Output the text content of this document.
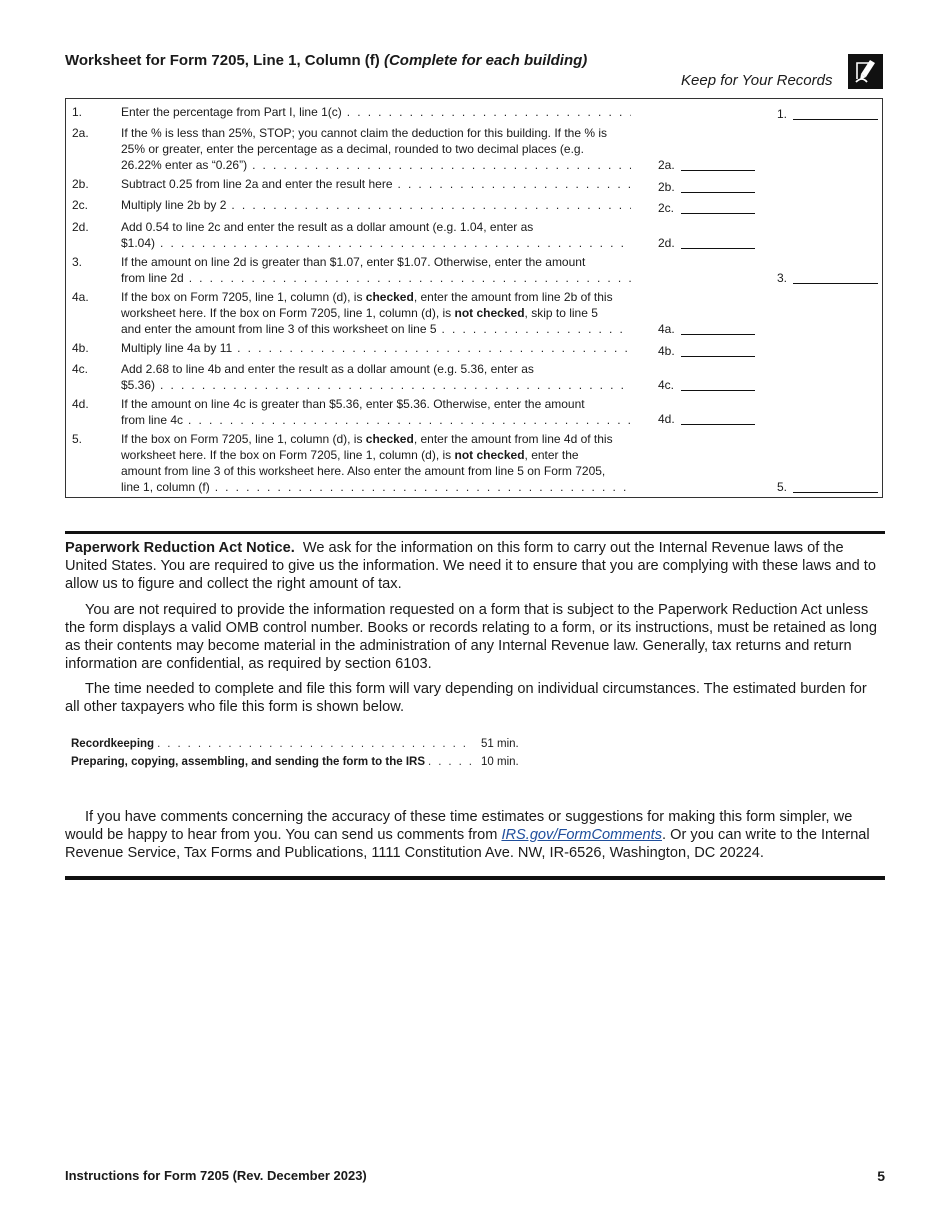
Worksheet for Form 7205, Line 1, Column (f) (Complete for each building)
Keep for Your Records
1.	Enter the percentage from Part I, line 1(c) . . .	1.
2a.	If the % is less than 25%, STOP; you cannot claim the deduction for this building. If the % is
25% or greater, enter the percentage as a decimal, rounded to two decimal places (e.g.
26.22% enter as “0.26”) . . .	2a.
2b.	Subtract 0.25 from line 2a and enter the result here . . .	2b.
2c.	Multiply line 2b by 2 . . .	2c.
2d.	Add 0.54 to line 2c and enter the result as a dollar amount (e.g. 1.04, enter as
$1.04) . . .	2d.
3.	If the amount on line 2d is greater than $1.07, enter $1.07. Otherwise, enter the amount
from line 2d . . .	3.
4a.	If the box on Form 7205, line 1, column (d), is checked, enter the amount from line 2b of this
worksheet here. If the box on Form 7205, line 1, column (d), is not checked, skip to line 5
and enter the amount from line 3 of this worksheet on line 5 . . .	4a.
4b.	Multiply line 4a by 11 . . .	4b.
4c.	Add 2.68 to line 4b and enter the result as a dollar amount (e.g. 5.36, enter as
$5.36) . . .	4c.
4d.	If the amount on line 4c is greater than $5.36, enter $5.36. Otherwise, enter the amount
from line 4c . . .	4d.
5.	If the box on Form 7205, line 1, column (d), is checked, enter the amount from line 4d of this
worksheet here. If the box on Form 7205, line 1, column (d), is not checked, enter the
amount from line 3 of this worksheet here. Also enter the amount from line 5 on Form 7205,
line 1, column (f) . . .	5.
Paperwork Reduction Act Notice. We ask for the information on this form to carry out the Internal Revenue laws of the United States. You are required to give us the information. We need it to ensure that you are complying with these laws and to allow us to figure and collect the right amount of tax.
You are not required to provide the information requested on a form that is subject to the Paperwork Reduction Act unless the form displays a valid OMB control number. Books or records relating to a form, or its instructions, must be retained as long as their contents may become material in the administration of any Internal Revenue law. Generally, tax returns and return information are confidential, as required by section 6103.
The time needed to complete and file this form will vary depending on individual circumstances. The estimated burden for all other taxpayers who file this form is shown below.
Recordkeeping . . .	51 min.
Preparing, copying, assembling, and sending the form to the IRS . . .	10 min.
If you have comments concerning the accuracy of these time estimates or suggestions for making this form simpler, we would be happy to hear from you. You can send us comments from IRS.gov/FormComments. Or you can write to the Internal Revenue Service, Tax Forms and Publications, 1111 Constitution Ave. NW, IR-6526, Washington, DC 20224.
Instructions for Form 7205 (Rev. December 2023)	5
